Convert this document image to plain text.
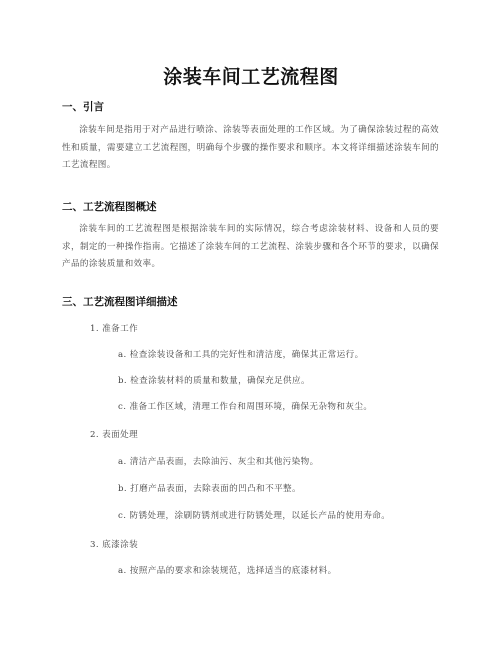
涂装车间工艺流程图
一、引言

涂装车间是指用于对产品进行喷涂、涂装等表面处理的工作区域。为了确保涂装过程的高效性和质量，需要建立工艺流程图，明确每个步骤的操作要求和顺序。本文将详细描述涂装车间的工艺流程图。

二、工艺流程图概述

涂装车间的工艺流程图是根据涂装车间的实际情况，综合考虑涂装材料、设备和人员的要求，制定的一种操作指南。它描述了涂装车间的工艺流程、涂装步骤和各个环节的要求，以确保产品的涂装质量和效率。

三、工艺流程图详细描述
1. 准备工作
a. 检查涂装设备和工具的完好性和清洁度，确保其正常运行。
b. 检查涂装材料的质量和数量，确保充足供应。
c. 准备工作区域，清理工作台和周围环境，确保无杂物和灰尘。
2. 表面处理
a. 清洁产品表面，去除油污、灰尘和其他污染物。
b. 打磨产品表面，去除表面的凹凸和不平整。
c. 防锈处理，涂刷防锈剂或进行防锈处理，以延长产品的使用寿命。
3. 底漆涂装
a. 按照产品的要求和涂装规范，选择适当的底漆材料。
